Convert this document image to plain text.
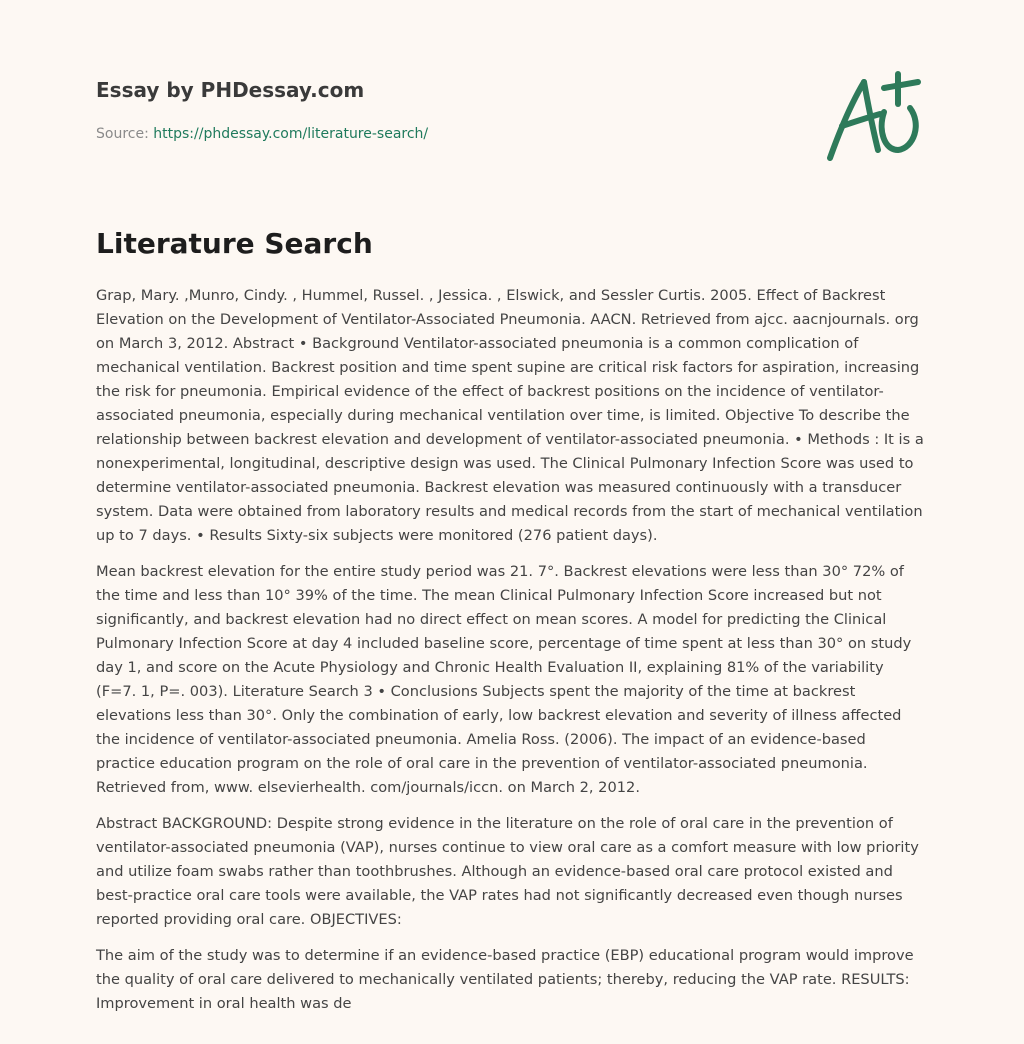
Essay by PHDessay.com
Source: https://phdessay.com/literature-search/
Literature Search

Grap, Mary. ,Munro, Cindy. , Hummel, Russel. , Jessica. , Elswick, and Sessler Curtis. 2005. Effect of Backrest Elevation on the Development of Ventilator-Associated Pneumonia. AACN. Retrieved from ajcc. aacnjournals. org on March 3, 2012. Abstract • Background Ventilator-associated pneumonia is a common complication of mechanical ventilation. Backrest position and time spent supine are critical risk factors for aspiration, increasing the risk for pneumonia. Empirical evidence of the effect of backrest positions on the incidence of ventilator-associated pneumonia, especially during mechanical ventilation over time, is limited. Objective To describe the relationship between backrest elevation and development of ventilator-associated pneumonia. • Methods : It is a nonexperimental, longitudinal, descriptive design was used. The Clinical Pulmonary Infection Score was used to determine ventilator-associated pneumonia. Backrest elevation was measured continuously with a transducer system. Data were obtained from laboratory results and medical records from the start of mechanical ventilation up to 7 days. • Results Sixty-six subjects were monitored (276 patient days).

Mean backrest elevation for the entire study period was 21. 7°. Backrest elevations were less than 30° 72% of the time and less than 10° 39% of the time. The mean Clinical Pulmonary Infection Score increased but not significantly, and backrest elevation had no direct effect on mean scores. A model for predicting the Clinical Pulmonary Infection Score at day 4 included baseline score, percentage of time spent at less than 30° on study day 1, and score on the Acute Physiology and Chronic Health Evaluation II, explaining 81% of the variability (F=7. 1, P=. 003). Literature Search 3 • Conclusions Subjects spent the majority of the time at backrest elevations less than 30°. Only the combination of early, low backrest elevation and severity of illness affected the incidence of ventilator-associated pneumonia. Amelia Ross. (2006). The impact of an evidence-based practice education program on the role of oral care in the prevention of ventilator-associated pneumonia. Retrieved from, www. elsevierhealth. com/journals/iccn. on March 2, 2012.

Abstract BACKGROUND: Despite strong evidence in the literature on the role of oral care in the prevention of ventilator-associated pneumonia (VAP), nurses continue to view oral care as a comfort measure with low priority and utilize foam swabs rather than toothbrushes. Although an evidence-based oral care protocol existed and best-practice oral care tools were available, the VAP rates had not significantly decreased even though nurses reported providing oral care. OBJECTIVES:

The aim of the study was to determine if an evidence-based practice (EBP) educational program would improve the quality of oral care delivered to mechanically ventilated patients; thereby, reducing the VAP rate. RESULTS: Improvement in oral health was de
